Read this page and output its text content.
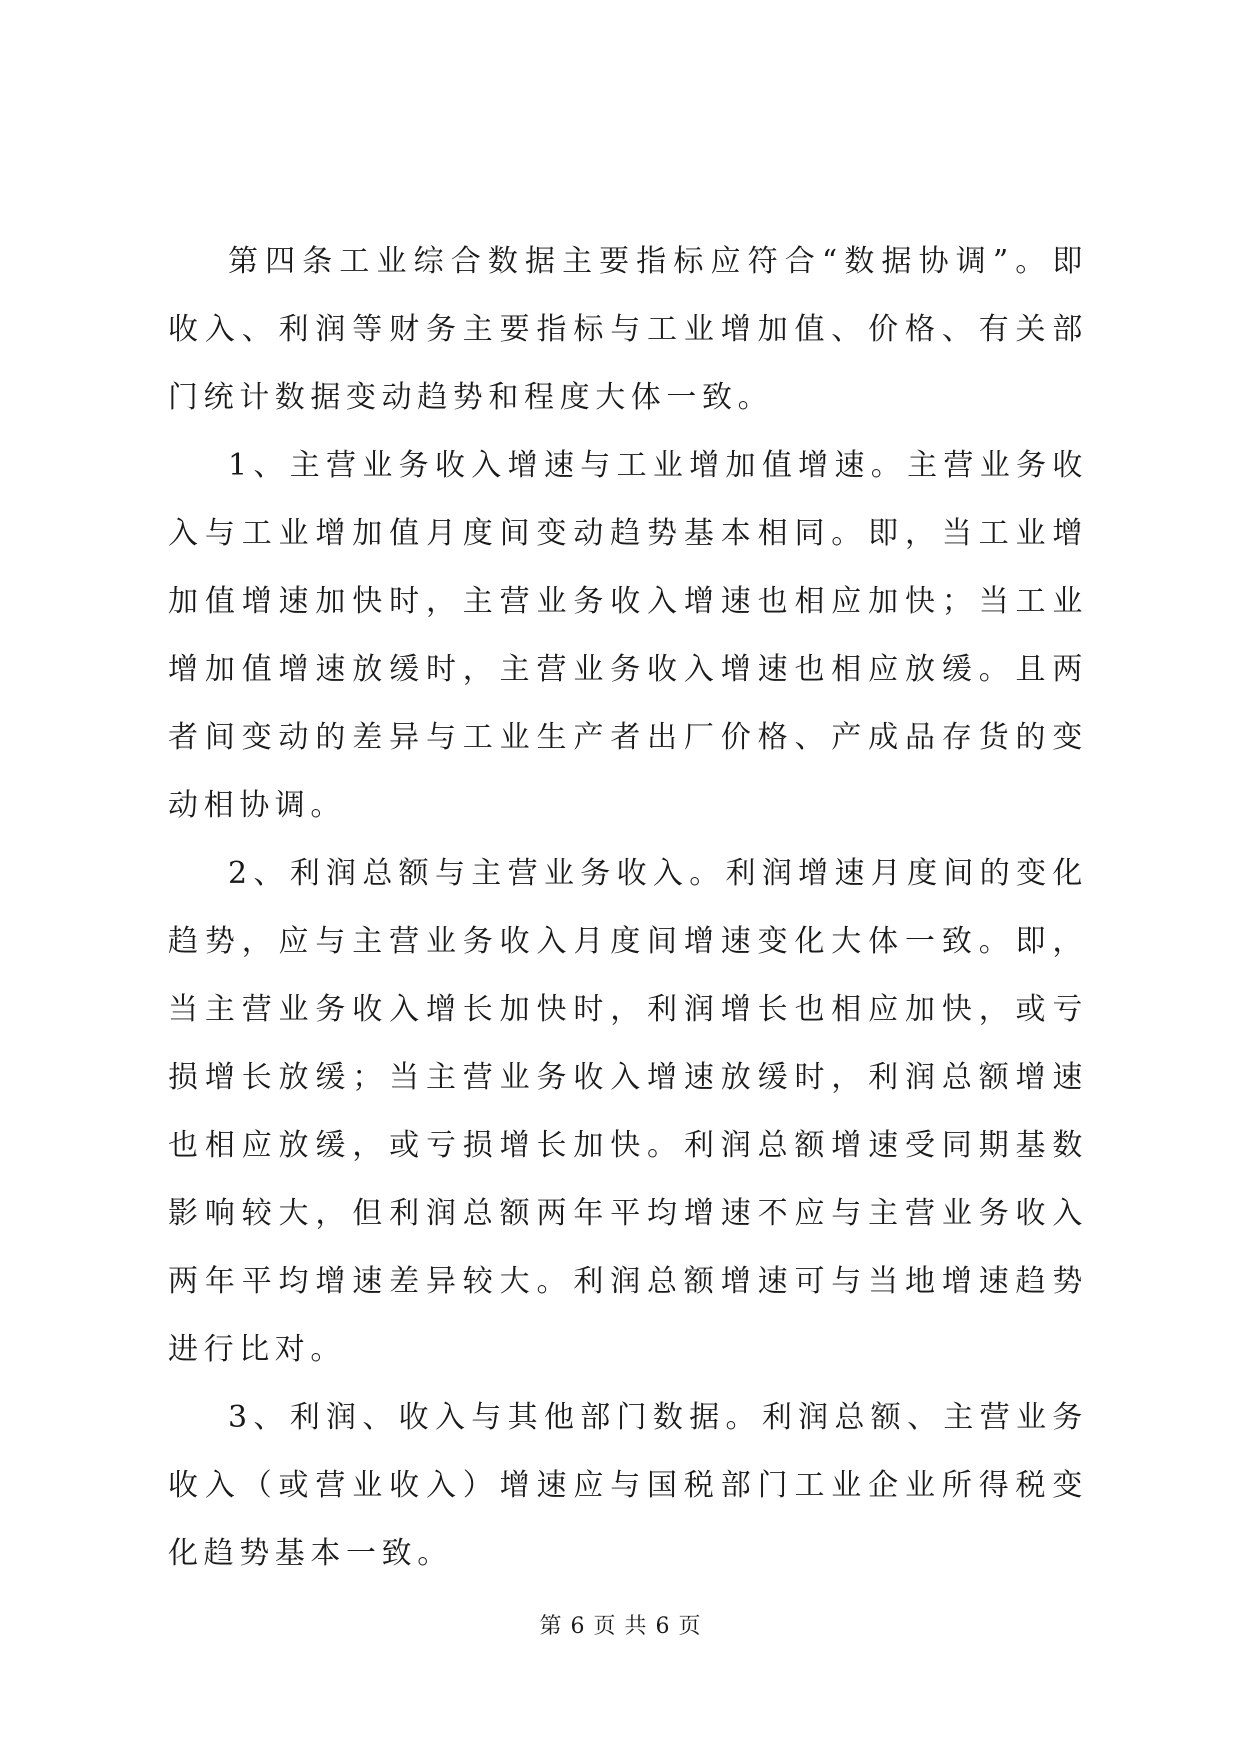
第四条工业综合数据主要指标应符合“数据协调”。即收入、利润等财务主要指标与工业增加值、价格、有关部门统计数据变动趋势和程度大体一致。

1、主营业务收入增速与工业增加值增速。主营业务收入与工业增加值月度间变动趋势基本相同。即，当工业增加值增速加快时，主营业务收入增速也相应加快；当工业增加值增速放缓时，主营业务收入增速也相应放缓。且两者间变动的差异与工业生产者出厂价格、产成品存货的变动相协调。

2、利润总额与主营业务收入。利润增速月度间的变化趋势，应与主营业务收入月度间增速变化大体一致。即，当主营业务收入增长加快时，利润增长也相应加快，或亏损增长放缓；当主营业务收入增速放缓时，利润总额增速也相应放缓，或亏损增长加快。利润总额增速受同期基数影响较大，但利润总额两年平均增速不应与主营业务收入两年平均增速差异较大。利润总额增速可与当地增速趋势进行比对。

3、利润、收入与其他部门数据。利润总额、主营业务收入（或营业收入）增速应与国税部门工业企业所得税变化趋势基本一致。

第 6 页 共 6 页
